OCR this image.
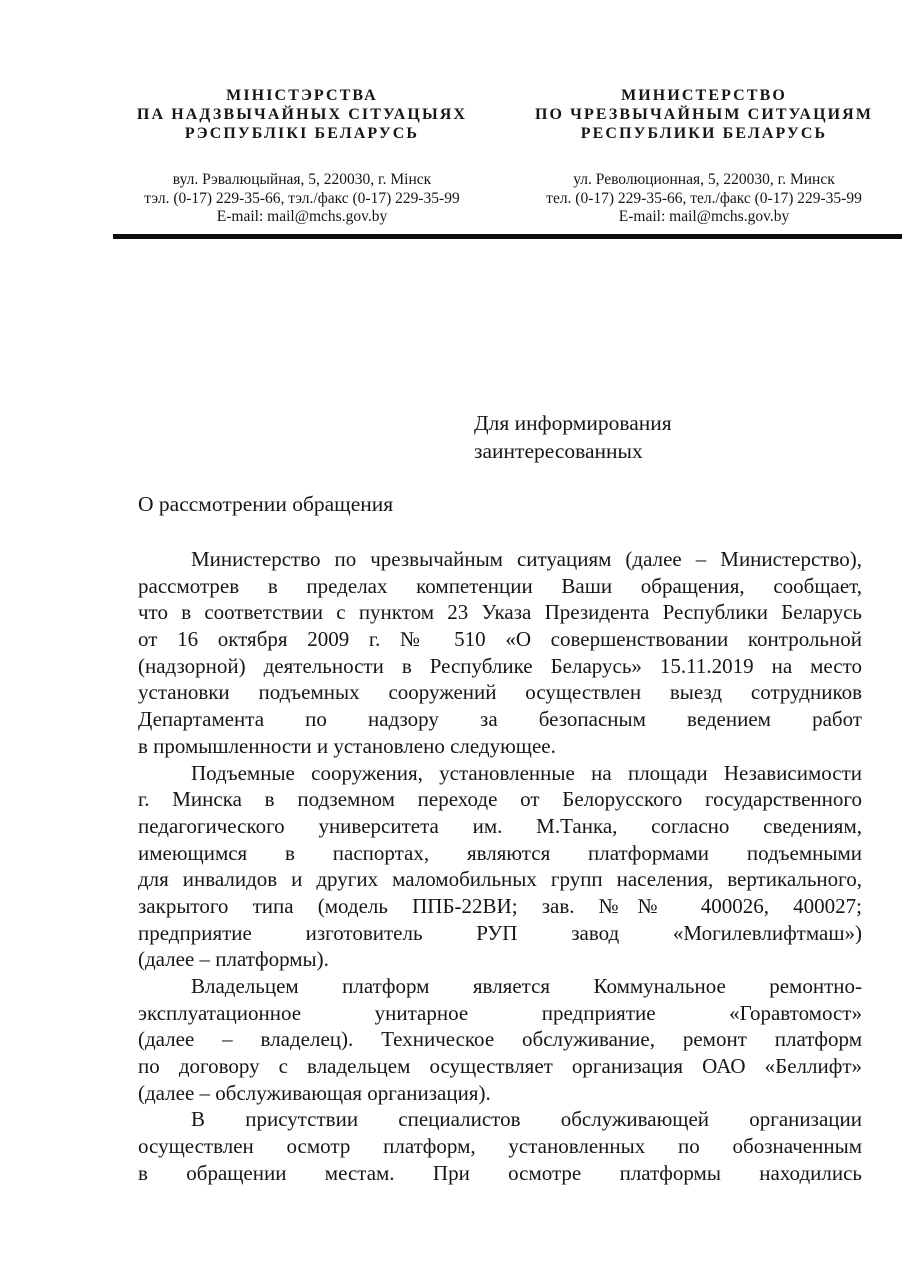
МІНІСТЭРСТВА
ПА НАДЗВЫЧАЙНЫХ СІТУАЦЫЯХ
РЭСПУБЛІКІ БЕЛАРУСЬ
вул. Рэвалюцыйная, 5, 220030, г. Мінск
тэл. (0-17) 229-35-66, тэл./факс (0-17) 229-35-99
E-mail: mail@mchs.gov.by
МИНИСТЕРСТВО
ПО ЧРЕЗВЫЧАЙНЫМ СИТУАЦИЯМ
РЕСПУБЛИКИ БЕЛАРУСЬ
ул. Революционная, 5, 220030, г. Минск
тел. (0-17) 229-35-66, тел./факс (0-17) 229-35-99
E-mail: mail@mchs.gov.by
Для информирования
заинтересованных
О рассмотрении обращения
Министерство по чрезвычайным ситуациям (далее – Министерство),
рассмотрев в пределах компетенции Ваши обращения, сообщает,
что в соответствии с пунктом 23 Указа Президента Республики Беларусь
от 16 октября 2009 г. № 510 «О совершенствовании контрольной
(надзорной) деятельности в Республике Беларусь» 15.11.2019 на место
установки подъемных сооружений осуществлен выезд сотрудников
Департамента по надзору за безопасным ведением работ
в промышленности и установлено следующее.
Подъемные сооружения, установленные на площади Независимости
г. Минска в подземном переходе от Белорусского государственного
педагогического университета им. М.Танка, согласно сведениям,
имеющимся в паспортах, являются платформами подъемными
для инвалидов и других маломобильных групп населения, вертикального,
закрытого типа (модель ППБ-22ВИ; зав. №№ 400026, 400027;
предприятие изготовитель РУП завод «Могилевлифтмаш»)
(далее – платформы).
Владельцем платформ является Коммунальное ремонтно-
эксплуатационное унитарное предприятие «Горавтомост»
(далее – владелец). Техническое обслуживание, ремонт платформ
по договору с владельцем осуществляет организация ОАО «Беллифт»
(далее – обслуживающая организация).
В присутствии специалистов обслуживающей организации
осуществлен осмотр платформ, установленных по обозначенным
в обращении местам. При осмотре платформы находились
